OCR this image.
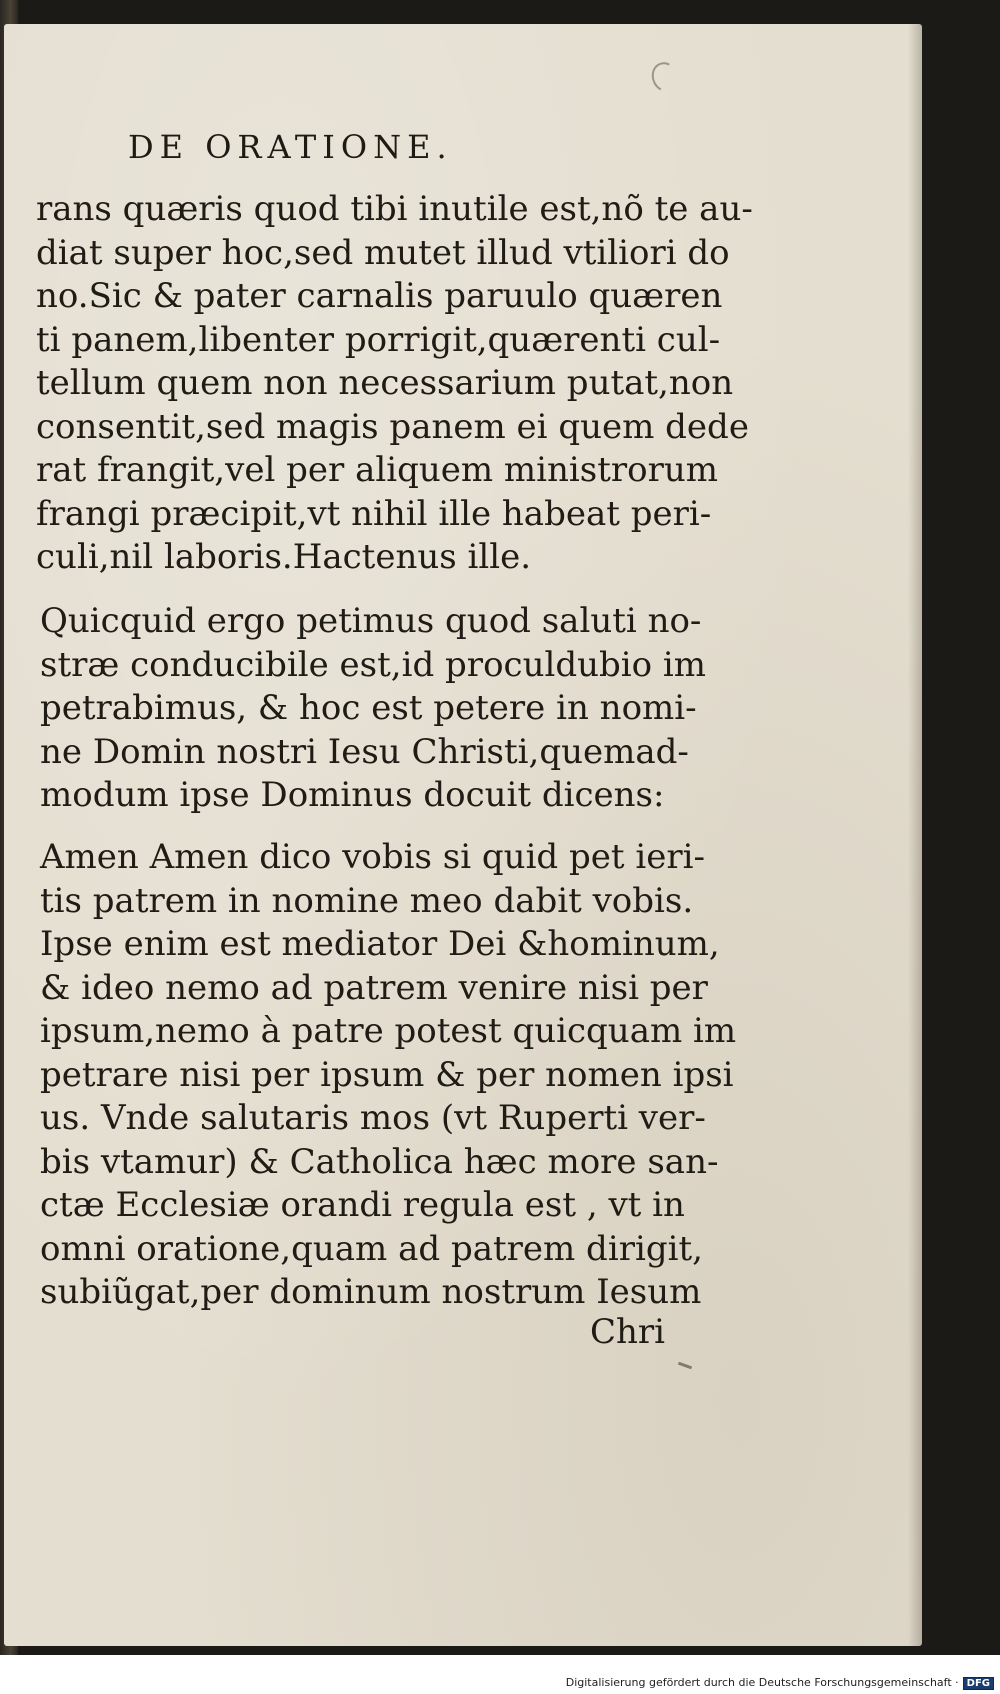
DE ORATIONE.
rans quæris quod tibi inutile est,nõ te au-
diat super hoc,sed mutet illud vtiliori do
no.Sic & pater carnalis paruulo quæren
ti panem,libenter porrigit,quærenti cul-
tellum quem non necessarium putat,non
consentit,sed magis panem ei quem dede
rat frangit,vel per aliquem ministrorum
frangi præcipit,vt nihil ille habeat peri-
culi,nil laboris.Hactenus ille.
Quicquid ergo petimus quod saluti no-
stræ conducibile est,id proculdubio im
petrabimus, & hoc est petere in nomi-
ne Domin nostri Iesu Christi,quemad-
modum ipse Dominus docuit dicens:
Amen Amen dico vobis si quid pet ieri-
tis patrem in nomine meo dabit vobis.
Ipse enim est mediator Dei &hominum,
& ideo nemo ad patrem venire nisi per
ipsum,nemo à patre potest quicquam im
petrare nisi per ipsum & per nomen ipsi
us. Vnde salutaris mos (vt Ruperti ver-
bis vtamur) & Catholica hæc more san-
ctæ Ecclesiæ orandi regula est , vt in
omni oratione,quam ad patrem dirigit,
subiũgat,per dominum nostrum Iesum
Chri
Digitalisierung gefördert durch die Deutsche Forschungsgemeinschaft · DFG
